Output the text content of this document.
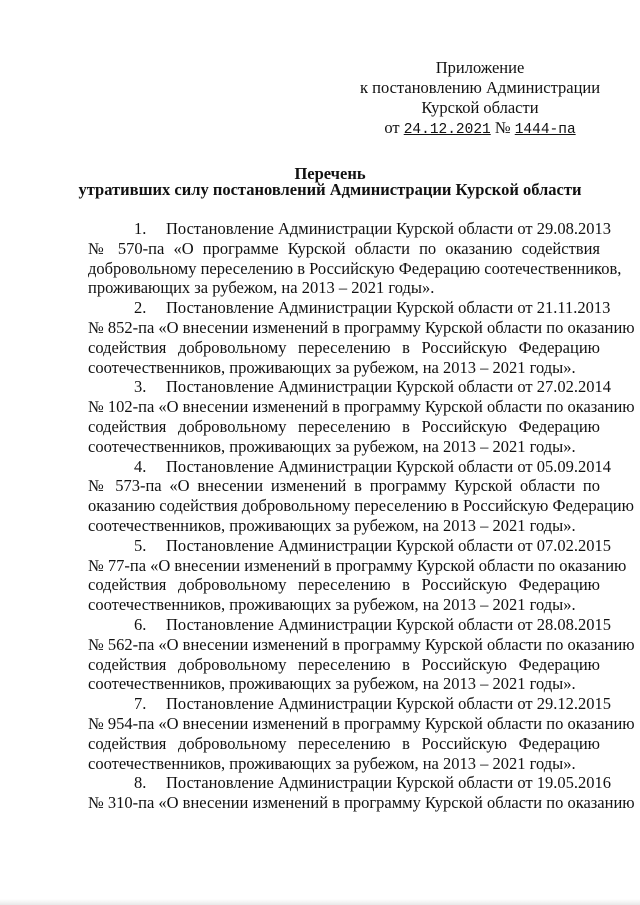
Приложение
к постановлению Администрации
Курской области
от 24.12.2021 № 1444-па
Перечень
утративших силу постановлений Администрации Курской области
1. Постановление Администрации Курской области от 29.08.2013
№ 570-па «О программе Курской области по оказанию содействия
добровольному переселению в Российскую Федерацию соотечественников,
проживающих за рубежом, на 2013 – 2021 годы».
2. Постановление Администрации Курской области от 21.11.2013
№ 852-па «О внесении изменений в программу Курской области по оказанию
содействия добровольному переселению в Российскую Федерацию
соотечественников, проживающих за рубежом, на 2013 – 2021 годы».
3. Постановление Администрации Курской области от 27.02.2014
№ 102-па «О внесении изменений в программу Курской области по оказанию
содействия добровольному переселению в Российскую Федерацию
соотечественников, проживающих за рубежом, на 2013 – 2021 годы».
4. Постановление Администрации Курской области от 05.09.2014
№ 573-па «О внесении изменений в программу Курской области по
оказанию содействия добровольному переселению в Российскую Федерацию
соотечественников, проживающих за рубежом, на 2013 – 2021 годы».
5. Постановление Администрации Курской области от 07.02.2015
№ 77-па «О внесении изменений в программу Курской области по оказанию
содействия добровольному переселению в Российскую Федерацию
соотечественников, проживающих за рубежом, на 2013 – 2021 годы».
6. Постановление Администрации Курской области от 28.08.2015
№ 562-па «О внесении изменений в программу Курской области по оказанию
содействия добровольному переселению в Российскую Федерацию
соотечественников, проживающих за рубежом, на 2013 – 2021 годы».
7. Постановление Администрации Курской области от 29.12.2015
№ 954-па «О внесении изменений в программу Курской области по оказанию
содействия добровольному переселению в Российскую Федерацию
соотечественников, проживающих за рубежом, на 2013 – 2021 годы».
8. Постановление Администрации Курской области от 19.05.2016
№ 310-па «О внесении изменений в программу Курской области по оказанию
